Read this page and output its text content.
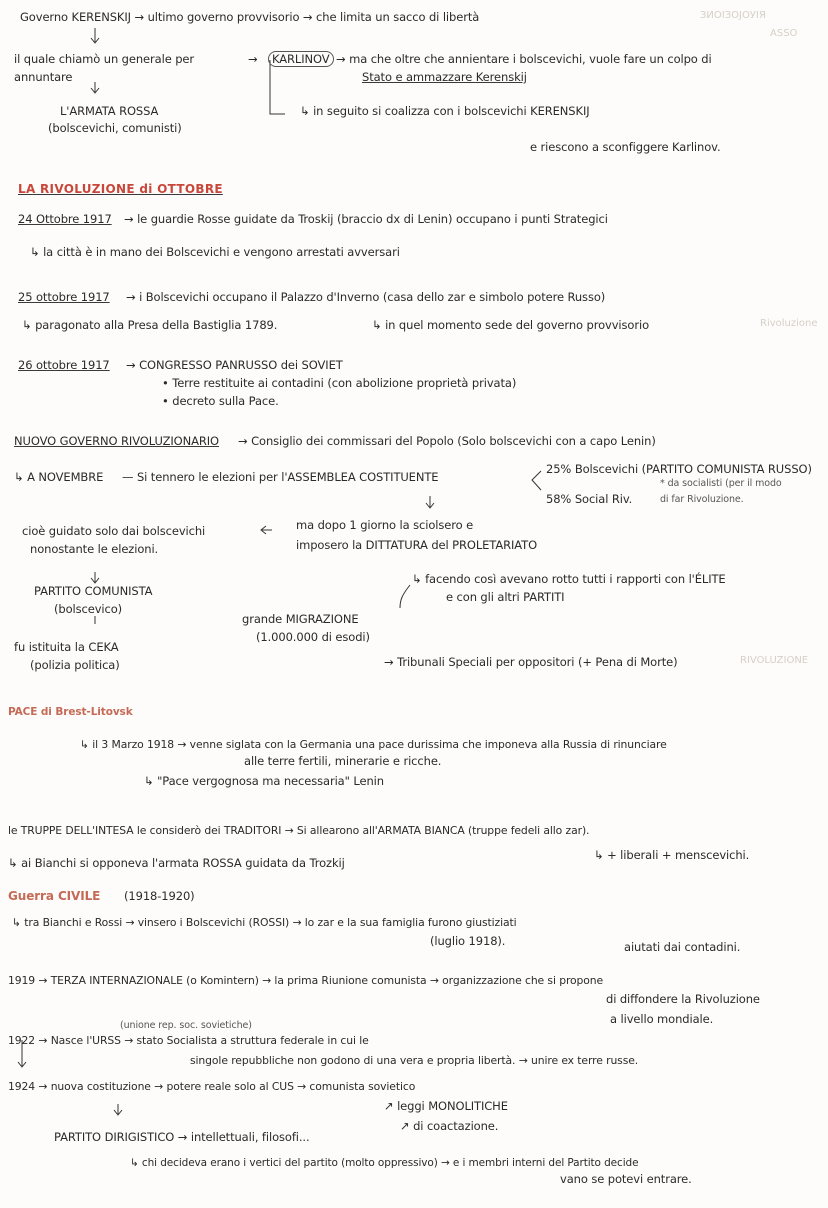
ЗИОІЗОЈОУІЯ
ASSO
Rivoluzione
RIVOLUZIONE
Governo KERENSKIJ → ultimo governo provvisorio → che limita un sacco di libertà
il quale chiamò un generale per
annuntare
→	KARLINOV → ma che oltre che annientare i bolscevichi, vuole fare un colpo di
Stato e ammazzare Kerenskij
L'ARMATA ROSSA
(bolscevichi, comunisti)
↳ in seguito si coalizza con i bolscevichi KERENSKIJ
e riescono a sconfiggere Karlinov.
LA RIVOLUZIONE di OTTOBRE
24 Ottobre 1917 → le guardie Rosse guidate da Troskij (braccio dx di Lenin) occupano i punti Strategici
↳ la città è in mano dei Bolscevichi e vengono arrestati avversari
25 ottobre 1917 → i Bolscevichi occupano il Palazzo d'Inverno (casa dello zar e simbolo potere Russo)
↳ paragonato alla Presa della Bastiglia 1789.	↳ in quel momento sede del governo provvisorio
26 ottobre 1917 → CONGRESSO PANRUSSO dei SOVIET
• Terre restituite ai contadini (con abolizione proprietà privata)
• decreto sulla Pace.
NUOVO GOVERNO RIVOLUZIONARIO → Consiglio dei commissari del Popolo (Solo bolscevichi con a capo Lenin)
↳ A NOVEMBRE — Si tennero le elezioni per l'ASSEMBLEA COSTITUENTE
25% Bolscevichi (PARTITO COMUNISTA RUSSO)
* da socialisti (per il modo
58% Social Riv.	di far Rivoluzione.
cioè guidato solo dai bolscevichi
nonostante le elezioni.
ma dopo 1 giorno la sciolsero e
imposero la DITTATURA del PROLETARIATO
PARTITO COMUNISTA
(bolscevico)
↳ facendo così avevano rotto tutti i rapporti con l'ÉLITE
e con gli altri PARTITI
fu istituita la CEKA
(polizia politica)
grande MIGRAZIONE
(1.000.000 di esodi)
→ Tribunali Speciali per oppositori (+ Pena di Morte)
PACE di Brest-Litovsk
↳ il 3 Marzo 1918 → venne siglata con la Germania una pace durissima che imponeva alla Russia di rinunciare
alle terre fertili, minerarie e ricche.
↳ "Pace vergognosa ma necessaria" Lenin
le TRUPPE DELL'INTESA le considerò dei TRADITORI → Si allearono all'ARMATA BIANCA (truppe fedeli allo zar).
↳ + liberali + menscevichi.
↳ ai Bianchi si opponeva l'armata ROSSA guidata da Trozkij
Guerra CIVILE (1918-1920)
↳ tra Bianchi e Rossi → vinsero i Bolscevichi (ROSSI) → lo zar e la sua famiglia furono giustiziati
(luglio 1918).	aiutati dai contadini.
1919 → TERZA INTERNAZIONALE (o Komintern) → la prima Riunione comunista → organizzazione che si propone
di diffondere la Rivoluzione
a livello mondiale.
(unione rep. soc. sovietiche)
1922 → Nasce l'URSS → stato Socialista a struttura federale in cui le
singole repubbliche non godono di una vera e propria libertà. → unire ex terre russe.
1924 → nuova costituzione → potere reale solo al CUS → comunista sovietico
↗ leggi MONOLITICHE
↗ di coactazione.
PARTITO DIRIGISTICO → intellettuali, filosofi...
↳ chi decideva erano i vertici del partito (molto oppressivo) → e i membri interni del Partito decide
vano se potevi entrare.
